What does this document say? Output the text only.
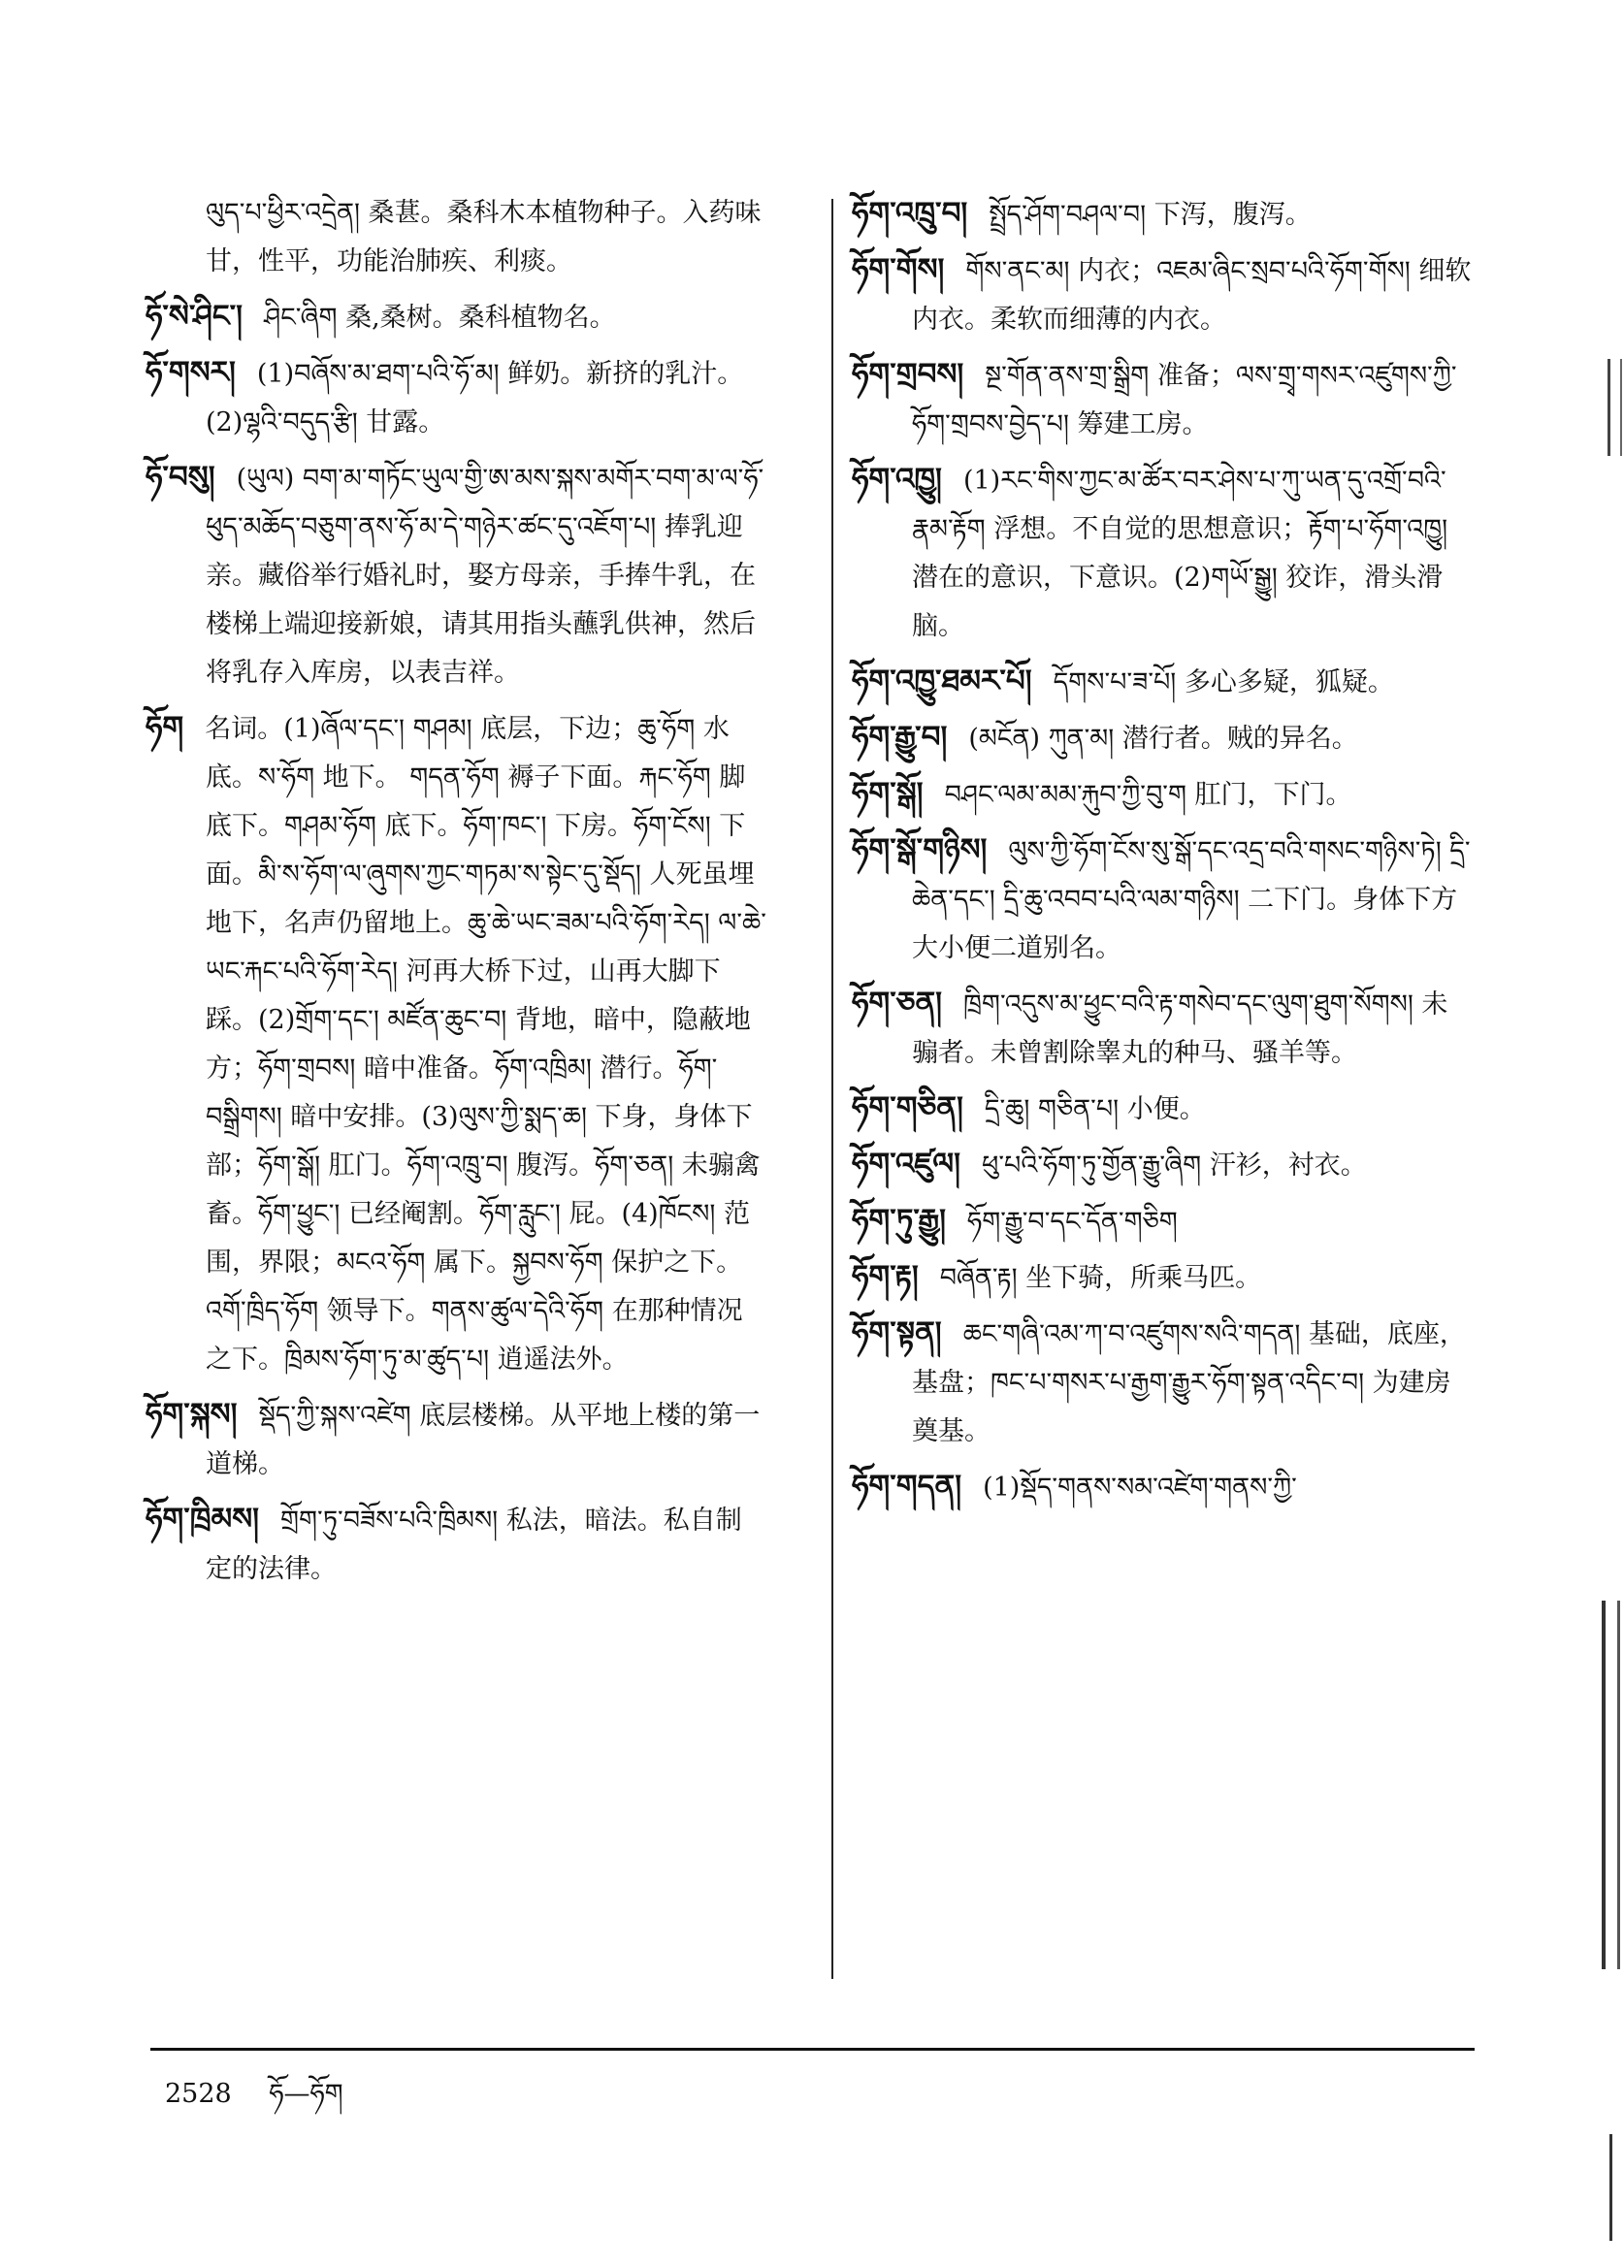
ལུད་པ་ཕྱིར་འདྲེན། 桑葚。桑科木本植物种子。入药味甘，性平，功能治肺疾、利痰。
ཧོ་སེ་ཤིང་། ཤིང་ཞིག 桑,桑树。桑科植物名。
ཧོ་གསར། (1)བཞོས་མ་ཐག་པའི་ཧོ་མ། 鲜奶。新挤的乳汁。(2)ལྷའི་བདུད་རྩི། 甘露。
ཧོ་བསུ། (ཡུལ) བག་མ་གཏོང་ཡུལ་གྱི་ཨ་མས་སྐས་མགོར་བག་མ་ལ་ཧོ་ཕུད་མཆོད་བཅུག་ནས་ཧོ་མ་དེ་གཉེར་ཚང་དུ་འཇོག་པ། 捧乳迎亲。藏俗举行婚礼时，娶方母亲，手捧牛乳，在楼梯上端迎接新娘，请其用指头蘸乳供神，然后将乳存入库房，以表吉祥。
ཧོག 名词。(1)ཞོལ་དང་། གཤམ། 底层，下边；ཆུ་ཧོག 水底。ས་ཧོག 地下。 གདན་ཧོག 褥子下面。རྐང་ཧོག 脚底下。གཤམ་ཧོག 底下。ཧོག་ཁང་། 下房。ཧོག་ངོས། 下面。མི་ས་ཧོག་ལ་ཞུགས་ཀྱང་གཏམ་ས་སྟེང་དུ་སྡོད། 人死虽埋地下，名声仍留地上。ཆུ་ཆེ་ཡང་ཟམ་པའི་ཧོག་རེད། ལ་ཆེ་ཡང་རྐང་པའི་ཧོག་རེད། 河再大桥下过，山再大脚下踩。(2)གྲོག་དང་། མཛོན་ཆུང་བ། 背地，暗中，隐蔽地方；ཧོག་གྲབས། 暗中准备。ཧོག་འཁྲིམ། 潜行。ཧོག་བསྒྲིགས། 暗中安排。(3)ལུས་ཀྱི་སྨད་ཆ། 下身，身体下部；ཧོག་སྒོ། 肛门。ཧོག་འཁྲུ་བ། 腹泻。ཧོག་ཅན། 未骟禽畜。ཧོག་ཕྱུང་། 已经阉割。ཧོག་རླུང་། 屁。(4)ཁོངས། 范围，界限；མངའ་ཧོག 属下。སྐྱབས་ཧོག 保护之下。འགོ་ཁྲིད་ཧོག 领导下。གནས་ཚུལ་དེའི་ཧོག 在那种情况之下。ཁྲིམས་ཧོག་ཏུ་མ་ཚུད་པ། 逍遥法外。
ཧོག་སྐས། སྡོད་ཀྱི་སྐས་འཛེག 底层楼梯。从平地上楼的第一道梯。
ཧོག་ཁྲིམས། གྲོག་ཏུ་བཟོས་པའི་ཁྲིམས། 私法，暗法。私自制定的法律。
ཧོག་འཁྲུ་བ། སྤྲོད་ཤོག་བཤལ་བ། 下泻，腹泻。
ཧོག་གོས། གོས་ནང་མ། 内衣；འཇམ་ཞིང་སྲབ་པའི་ཧོག་གོས། 细软内衣。柔软而细薄的内衣。
ཧོག་གྲབས། སྔ་གོན་ནས་གྲ་སྒྲིག 准备；ལས་གྲྭ་གསར་འཛུགས་ཀྱི་ཧོག་གྲབས་བྱེད་པ། 筹建工房。
ཧོག་འཁྱུ། (1)རང་གིས་ཀྱང་མ་ཚོར་བར་ཤེས་པ་ཀུ་ཡན་དུ་འགྲོ་བའི་རྣམ་རྟོག 浮想。不自觉的思想意识；རྟོག་པ་ཧོག་འཁྱུ། 潜在的意识，下意识。(2)གཡོ་སྒྱུ། 狡诈，滑头滑脑。
ཧོག་འཁྱུ་ཐམར་པོ། དོགས་པ་ཟ་པོ། 多心多疑，狐疑。
ཧོག་རྒྱུ་བ། (མངོན) ཀུན་མ། 潜行者。贼的异名。
ཧོག་སྒོ། བཤང་ལམ་མམ་རྐུབ་ཀྱི་བུ་ག 肛门，下门。
ཧོག་སྒོ་གཉིས། ལུས་ཀྱི་ཧོག་ངོས་སུ་སྒོ་དང་འདྲ་བའི་གསང་གཉིས་ཏེ། དྲི་ཆེན་དང་། དྲི་ཆུ་འབབ་པའི་ལམ་གཉིས། 二下门。身体下方大小便二道别名。
ཧོག་ཅན། ཁྲིག་འདུས་མ་ཕྱུང་བའི་རྟ་གསེབ་དང་ལུག་ཐུག་སོགས། 未骟者。未曾割除睾丸的种马、骚羊等。
ཧོག་གཅིན། དྲི་ཆུ། གཅིན་པ། 小便。
ཧོག་འཛུལ། ཕུ་པའི་ཧོག་ཏུ་གྱོན་རྒྱུ་ཞིག 汗衫，衬衣。
ཧོག་ཏུ་རྒྱུ། ཧོག་རྒྱུ་བ་དང་དོན་གཅིག
ཧོག་རྟ། བཞོན་རྟ། 坐下骑，所乘马匹。
ཧོག་སྟན། ཆང་གཞི་འམ་ཀ་བ་འཛུགས་སའི་གདན། 基础，底座，基盘；ཁང་པ་གསར་པ་རྒྱག་རྒྱུར་ཧོག་སྟན་འདིང་བ། 为建房奠基。
ཧོག་གདན། (1)སྡོད་གནས་སམ་འཛེག་གནས་ཀྱི་
2528 ཧོ—ཧོག
